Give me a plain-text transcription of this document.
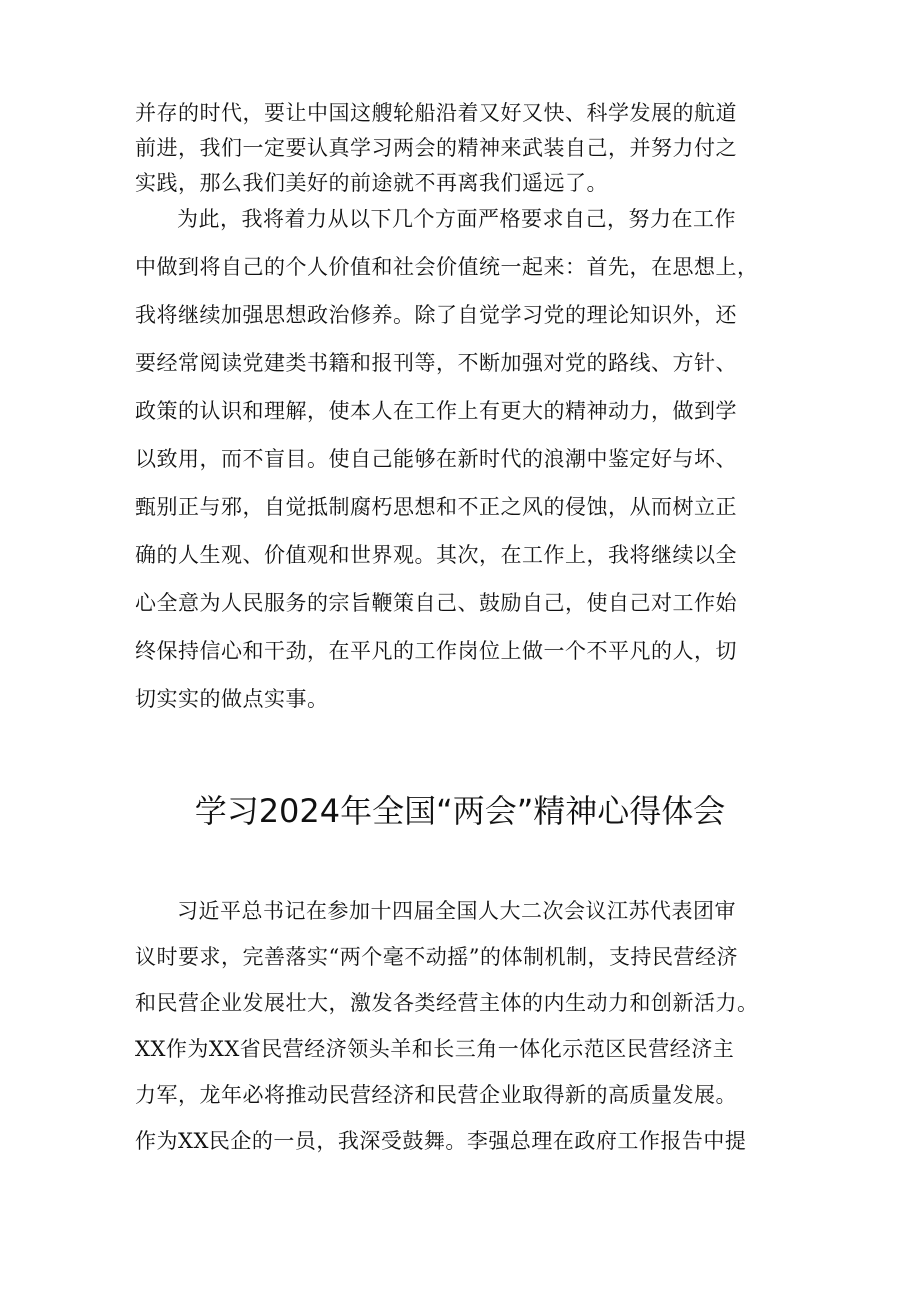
并存的时代，要让中国这艘轮船沿着又好又快、科学发展的航道
前进，我们一定要认真学习两会的精神来武装自己，并努力付之
实践，那么我们美好的前途就不再离我们遥远了。
为此，我将着力从以下几个方面严格要求自己，努力在工作
中做到将自己的个人价值和社会价值统一起来：首先，在思想上，
我将继续加强思想政治修养。除了自觉学习党的理论知识外，还
要经常阅读党建类书籍和报刊等，不断加强对党的路线、方针、
政策的认识和理解，使本人在工作上有更大的精神动力，做到学
以致用，而不盲目。使自己能够在新时代的浪潮中鉴定好与坏、
甄别正与邪，自觉抵制腐朽思想和不正之风的侵蚀，从而树立正
确的人生观、价值观和世界观。其次，在工作上，我将继续以全
心全意为人民服务的宗旨鞭策自己、鼓励自己，使自己对工作始
终保持信心和干劲，在平凡的工作岗位上做一个不平凡的人，切
切实实的做点实事。
学习2024年全国“两会”精神心得体会
习近平总书记在参加十四届全国人大二次会议江苏代表团审
议时要求，完善落实“两个毫不动摇”的体制机制，支持民营经济
和民营企业发展壮大，激发各类经营主体的内生动力和创新活力。
XX作为XX省民营经济领头羊和长三角一体化示范区民营经济主
力军，龙年必将推动民营经济和民营企业取得新的高质量发展。
作为XX民企的一员，我深受鼓舞。李强总理在政府工作报告中提
